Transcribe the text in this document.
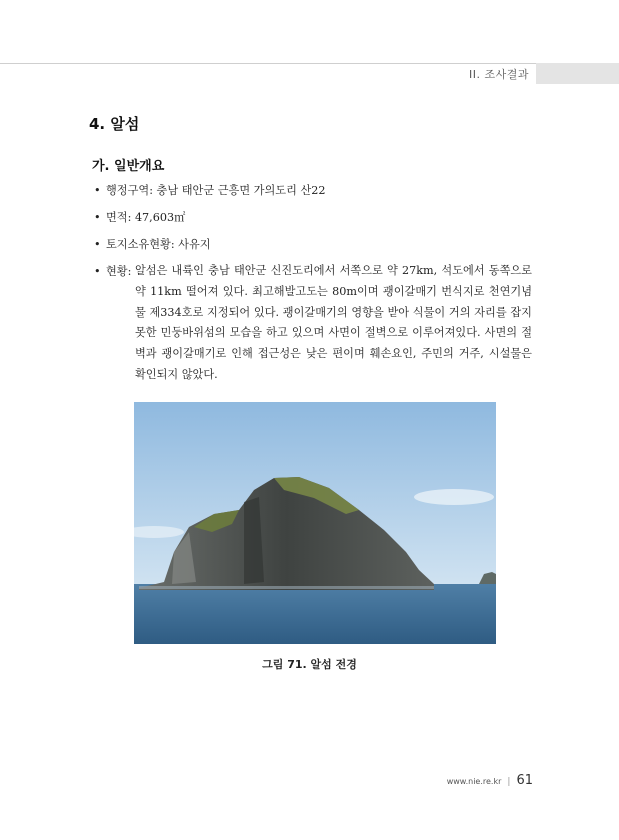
II. 조사결과
4. 알섬
가. 일반개요
• 행정구역: 충남 태안군 근흥면 가의도리 산22
• 면적: 47,603㎡
• 토지소유현황: 사유지
• 현황:
알섬은 내륙인 충남 태안군 신진도리에서 서쪽으로 약 27km, 석도에서 동쪽으로 약 11km 떨어져 있다. 최고해발고도는 80m이며 괭이갈매기 번식지로 천연기념물 제334호로 지정되어 있다. 괭이갈매기의 영향을 받아 식물이 거의 자리를 잡지 못한 민둥바위섬의 모습을 하고 있으며 사면이 절벽으로 이루어져있다. 사면의 절벽과 괭이갈매기로 인해 접근성은 낮은 편이며 훼손요인, 주민의 거주, 시설물은 확인되지 않았다.
그림 71. 알섬 전경
www.nie.re.kr | 61
